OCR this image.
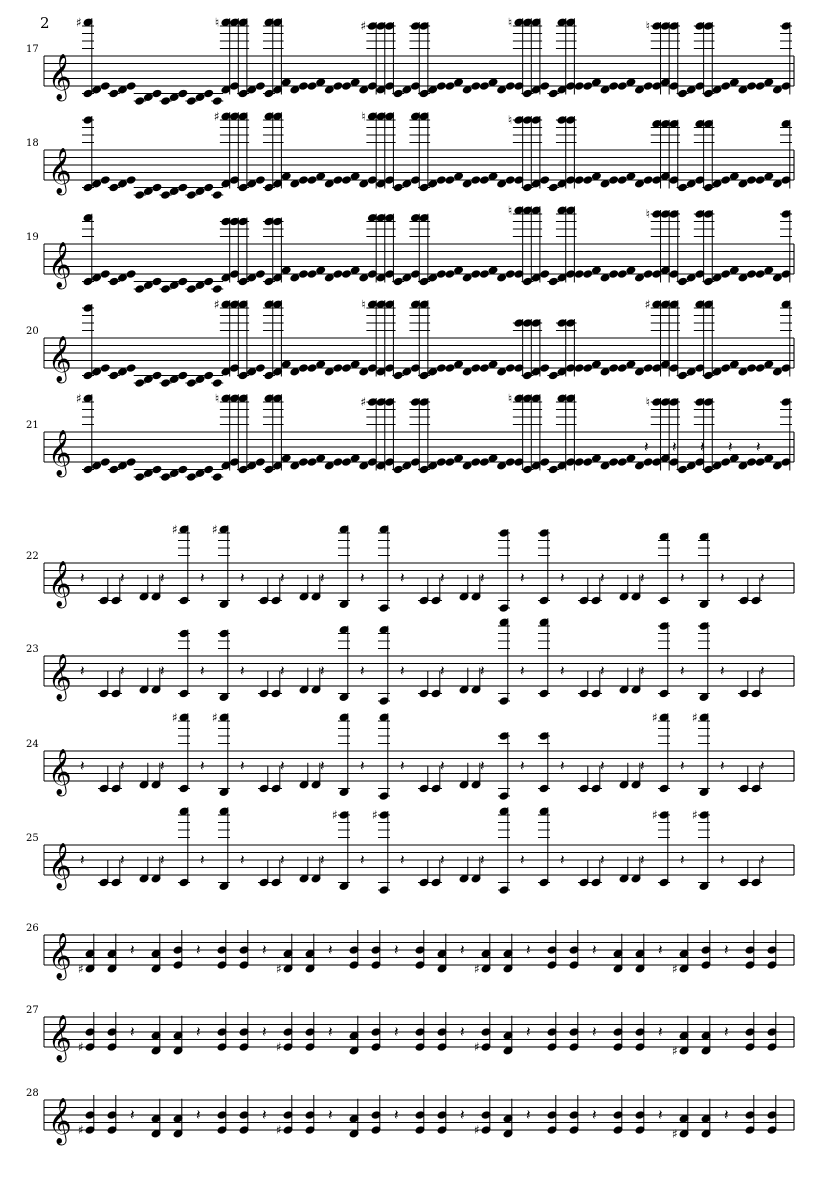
2
17
𝄞
♯	♮	♯	♮	♮
18
𝄞
♯	♮	♮
19
𝄞
♮	♮
20
𝄞
♯	♮	♯
21
𝄞
♯	♮	♯	♮	♮
𝄽 𝄽 𝄽 𝄽 𝄽
22
𝄞 𝄽 𝄽 𝄽
♯
𝄽
♯
𝄽 𝄽 𝄽 𝄽 𝄽 𝄽 𝄽 𝄽 𝄽 𝄽 𝄽 𝄽 𝄽 𝄽
23
𝄞 𝄽 𝄽 𝄽 𝄽 𝄽 𝄽 𝄽 𝄽 𝄽 𝄽 𝄽 𝄽 𝄽 𝄽 𝄽 𝄽 𝄽 𝄽
24
𝄞 𝄽 𝄽 𝄽
♯
𝄽
♯
𝄽 𝄽 𝄽 𝄽 𝄽 𝄽 𝄽 𝄽 𝄽 𝄽 𝄽
♯
𝄽
♯
𝄽 𝄽
25
𝄞 𝄽 𝄽 𝄽 𝄽 𝄽 𝄽 𝄽
♯
𝄽
♯
𝄽 𝄽 𝄽 𝄽 𝄽 𝄽 𝄽
♯
𝄽
♯
𝄽 𝄽
26
𝄞 ♯
𝄽	𝄽	𝄽
♯
𝄽	𝄽	𝄽
♯
𝄽	𝄽	𝄽
♯
𝄽
27
𝄞 ♯
𝄽	𝄽	𝄽
♯
𝄽	𝄽	𝄽
♯
𝄽	𝄽	𝄽
♯
𝄽
28
𝄞 ♯
𝄽	𝄽	𝄽
♯
𝄽	𝄽	𝄽
♯
𝄽	𝄽	𝄽
♯
𝄽
